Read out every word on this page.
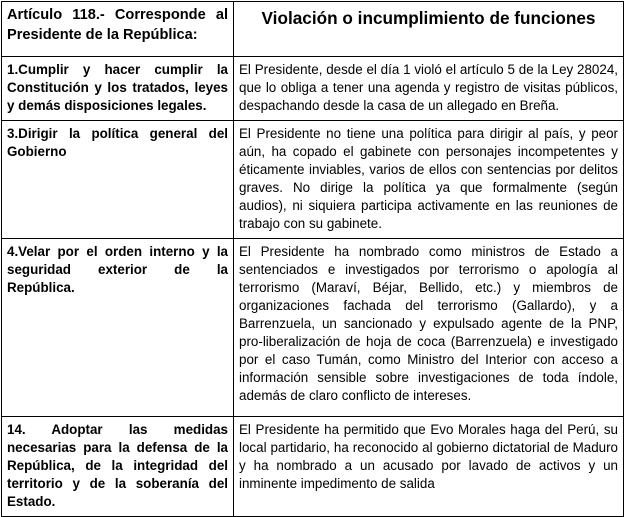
Artículo 118.- Corresponde al Presidente de la República:	Violación o incumplimiento de funciones
1.Cumplir y hacer cumplir la Constitución y los tratados, leyes y demás disposiciones legales.	El Presidente, desde el día 1 violó el artículo 5 de la Ley 28024, que lo obliga a tener una agenda y registro de visitas públicos, despachando desde la casa de un allegado en Breña.
3.Dirigir la política general del Gobierno	El Presidente no tiene una política para dirigir al país, y peor aún, ha copado el gabinete con personajes incompetentes y éticamente inviables, varios de ellos con sentencias por delitos graves. No dirige la política ya que formalmente (según audios), ni siquiera participa activamente en las reuniones de trabajo con su gabinete.
4.Velar por el orden interno y la seguridad exterior de la República.	El Presidente ha nombrado como ministros de Estado a sentenciados e investigados por terrorismo o apología al terrorismo (Maraví, Béjar, Bellido, etc.) y miembros de organizaciones fachada del terrorismo (Gallardo), y a Barrenzuela, un sancionado y expulsado agente de la PNP, pro-liberalización de hoja de coca (Barrenzuela) e investigado por el caso Tumán, como Ministro del Interior con acceso a información sensible sobre investigaciones de toda índole, además de claro conflicto de intereses.
14. Adoptar las medidas necesarias para la defensa de la República, de la integridad del territorio y de la soberanía del Estado.	El Presidente ha permitido que Evo Morales haga del Perú, su local partidario, ha reconocido al gobierno dictatorial de Maduro y ha nombrado a un acusado por lavado de activos y un inminente impedimento de salida
